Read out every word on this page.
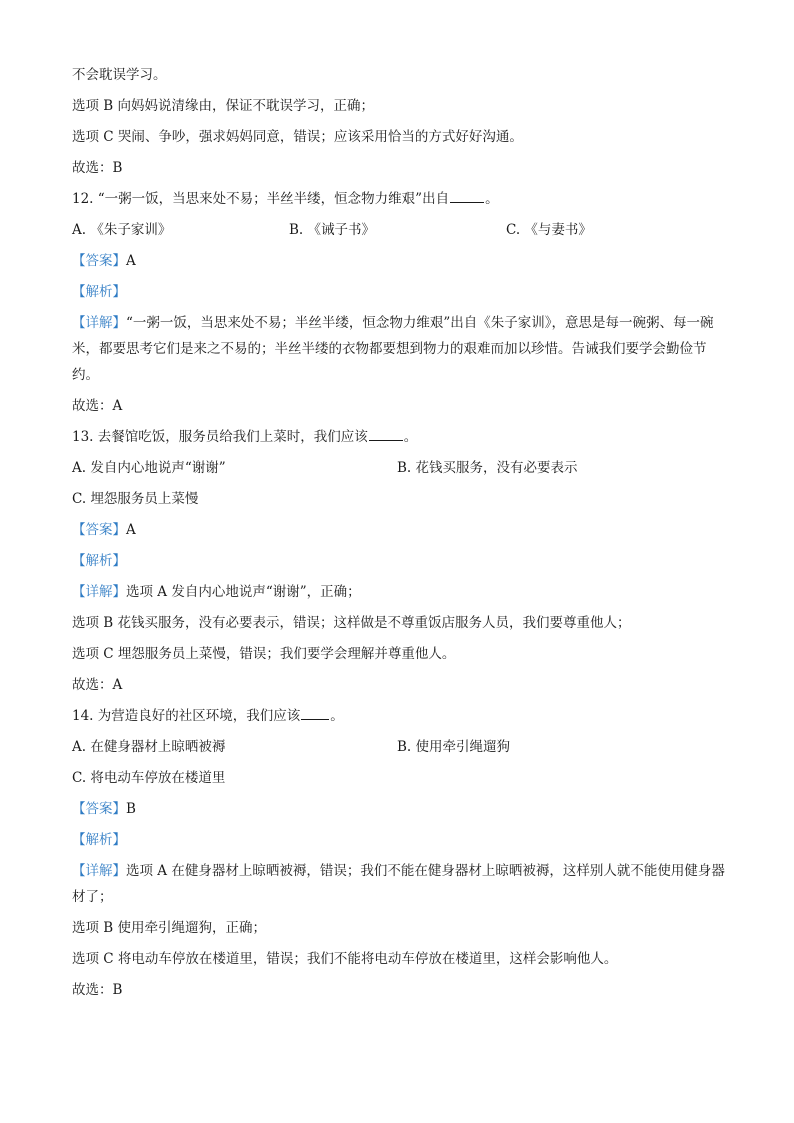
不会耽误学习。
选项 B 向妈妈说清缘由，保证不耽误学习，正确；
选项 C 哭闹、争吵，强求妈妈同意，错误；应该采用恰当的方式好好沟通。
故选：B
12. “一粥一饭，当思来处不易；半丝半缕，恒念物力维艰”出自	。
A. 《朱子家训》	B. 《诫子书》	C. 《与妻书》
【答案】A
【解析】
【详解】“一粥一饭，当思来处不易；半丝半缕，恒念物力维艰”出自《朱子家训》，意思是每一碗粥、每一碗米，都要思考它们是来之不易的；半丝半缕的衣物都要想到物力的艰难而加以珍惜。告诫我们要学会勤俭节约。
故选：A
13. 去餐馆吃饭，服务员给我们上菜时，我们应该	。
A. 发自内心地说声“谢谢”	B. 花钱买服务，没有必要表示
C. 埋怨服务员上菜慢
【答案】A
【解析】
【详解】选项 A 发自内心地说声“谢谢”，正确；
选项 B 花钱买服务，没有必要表示，错误；这样做是不尊重饭店服务人员，我们要尊重他人；
选项 C 埋怨服务员上菜慢，错误；我们要学会理解并尊重他人。
故选：A
14. 为营造良好的社区环境，我们应该 。
A. 在健身器材上晾晒被褥	B. 使用牵引绳遛狗
C. 将电动车停放在楼道里
【答案】B
【解析】
【详解】选项 A 在健身器材上晾晒被褥，错误；我们不能在健身器材上晾晒被褥，这样别人就不能使用健身器材了；
选项 B 使用牵引绳遛狗，正确；
选项 C 将电动车停放在楼道里，错误；我们不能将电动车停放在楼道里，这样会影响他人。
故选：B
